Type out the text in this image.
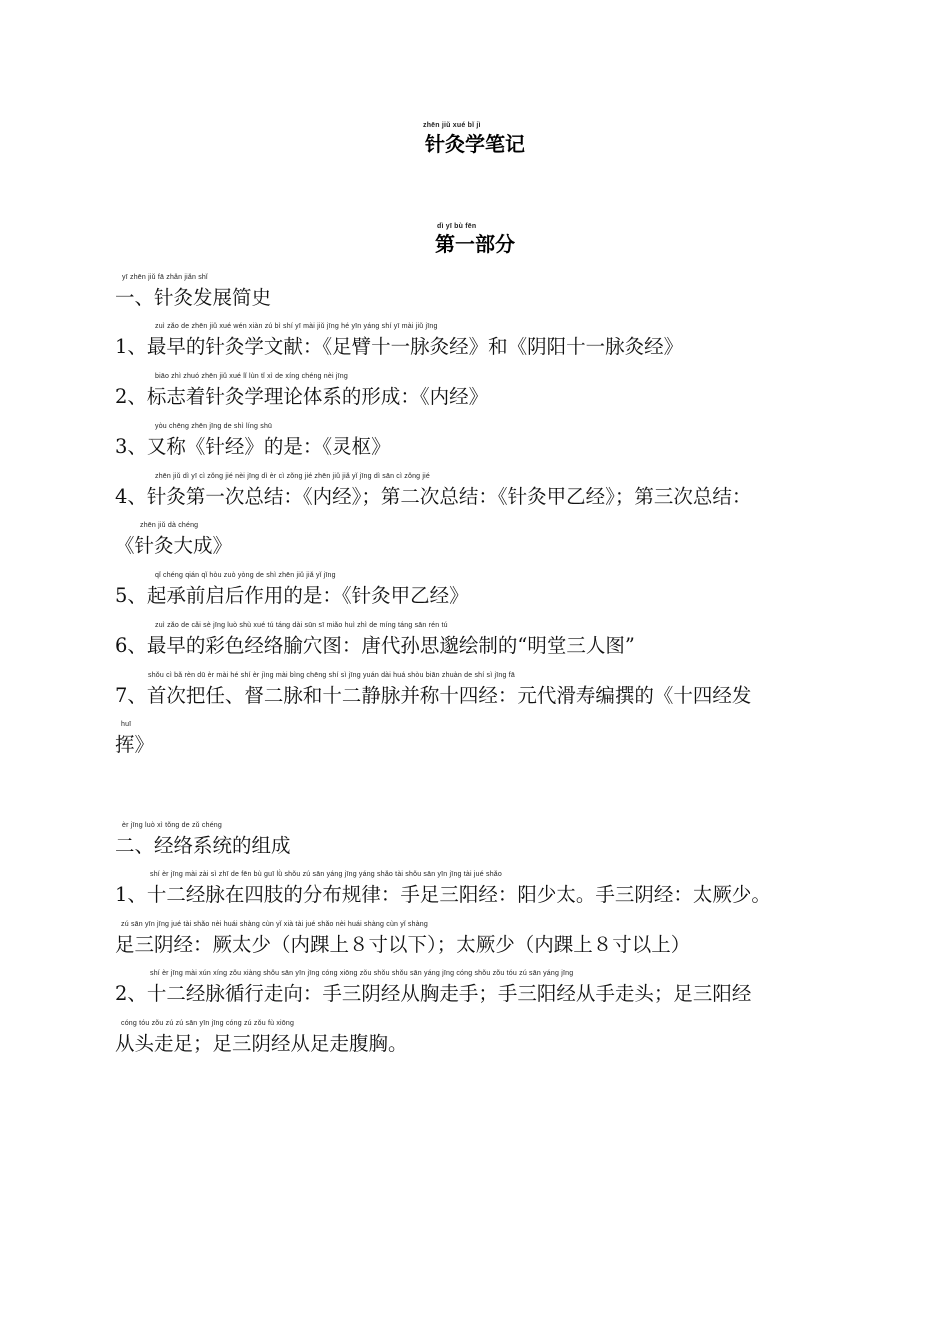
zhēn jiǔ xué bǐ jì
针灸学笔记
dì yī bù fēn
第一部分
yī zhēn jiǔ fā zhǎn jiǎn shǐ
一、针灸发展简史
zuì zǎo de zhēn jiǔ xué wén xiàn zú bì shí yī mài jiǔ jīng hé yīn yáng shí yī mài jiǔ jīng
1、最早的针灸学文献：《足臂十一脉灸经》和《阴阳十一脉灸经》
biāo zhì zhuó zhēn jiǔ xué lǐ lùn tǐ xì de xíng chéng nèi jīng
2、标志着针灸学理论体系的形成：《内经》
yòu chēng zhēn jīng de shì líng shū
3、又称《针经》的是：《灵枢》
zhēn jiǔ dì yī cì zǒng jié nèi jīng dì èr cì zǒng jié zhēn jiǔ jiǎ yǐ jīng dì sān cì zǒng jié
4、针灸第一次总结：《内经》；第二次总结：《针灸甲乙经》；第三次总结：
zhēn jiǔ dà chéng
《针灸大成》
qǐ chéng qián qǐ hòu zuò yòng de shì zhēn jiǔ jiǎ yǐ jīng
5、起承前启后作用的是：《针灸甲乙经》
zuì zǎo de cǎi sè jīng luò shù xué tú táng dài sūn sī miǎo huì zhì de míng táng sān rén tú
6、最早的彩色经络腧穴图：唐代孙思邈绘制的“明堂三人图”
shǒu cì bǎ rèn dū èr mài hé shí èr jìng mài bìng chēng shí sì jīng yuán dài huá shòu biān zhuàn de shí sì jīng fā
7、首次把任、督二脉和十二静脉并称十四经：元代滑寿编撰的《十四经发
huī
挥》
èr jīng luò xì tǒng de zǔ chéng
二、经络系统的组成
shí èr jīng mài zài sì zhī de fēn bù guī lǜ shǒu zú sān yáng jīng yáng shǎo tài shǒu sān yīn jīng tài jué shǎo
1、十二经脉在四肢的分布规律：手足三阳经：阳少太。手三阴经：太厥少。
zú sān yīn jīng jué tài shǎo nèi huái shàng cùn yǐ xià tài jué shǎo nèi huái shàng cùn yǐ shàng
足三阴经：厥太少（内踝上８寸以下）；太厥少（内踝上８寸以上）
shí èr jīng mài xún xíng zǒu xiàng shǒu sān yīn jīng cóng xiōng zǒu shǒu shǒu sān yáng jīng cóng shǒu zǒu tóu zú sān yáng jīng
2、十二经脉循行走向：手三阴经从胸走手；手三阳经从手走头；足三阳经
cóng tóu zǒu zú zú sān yīn jīng cóng zú zǒu fù xiōng
从头走足；足三阴经从足走腹胸。
